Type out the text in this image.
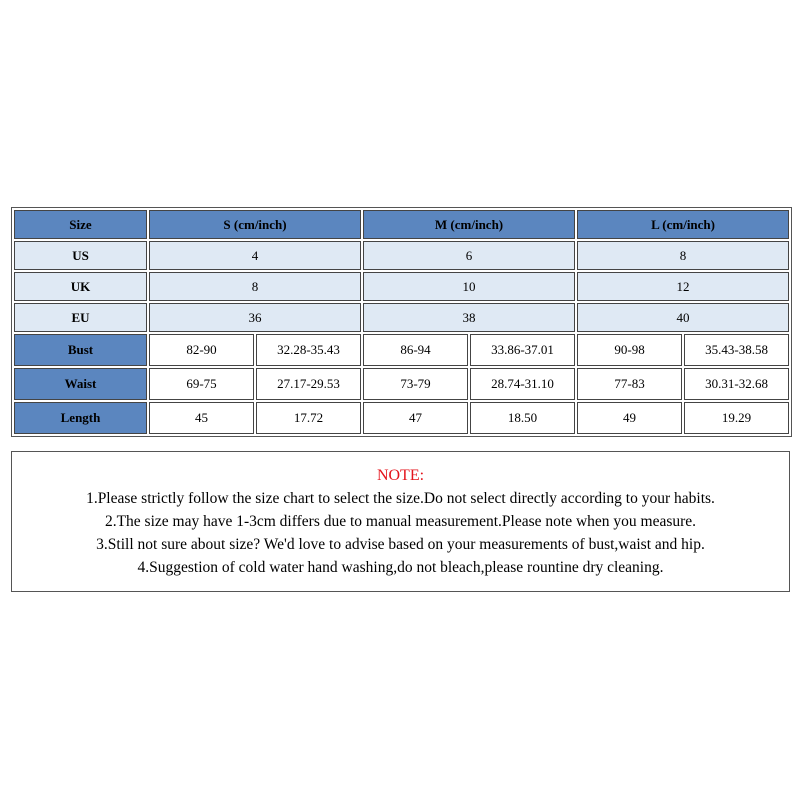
Size	S (cm/inch)		M (cm/inch)		L (cm/inch)	
US	4		6		8	
UK	8		10		12	
EU	36		38		40	
Bust	82-90	32.28-35.43	86-94	33.86-37.01	90-98	35.43-38.58
Waist	69-75	27.17-29.53	73-79	28.74-31.10	77-83	30.31-32.68
Length	45	17.72	47	18.50	49	19.29
NOTE:
1.Please strictly follow the size chart to select the size.Do not select directly according to your habits.
2.The size may have 1-3cm differs due to manual measurement.Please note when you measure.
3.Still not sure about size? We'd love to advise based on your measurements of bust,waist and hip.
4.Suggestion of cold water hand washing,do not bleach,please rountine dry cleaning.
